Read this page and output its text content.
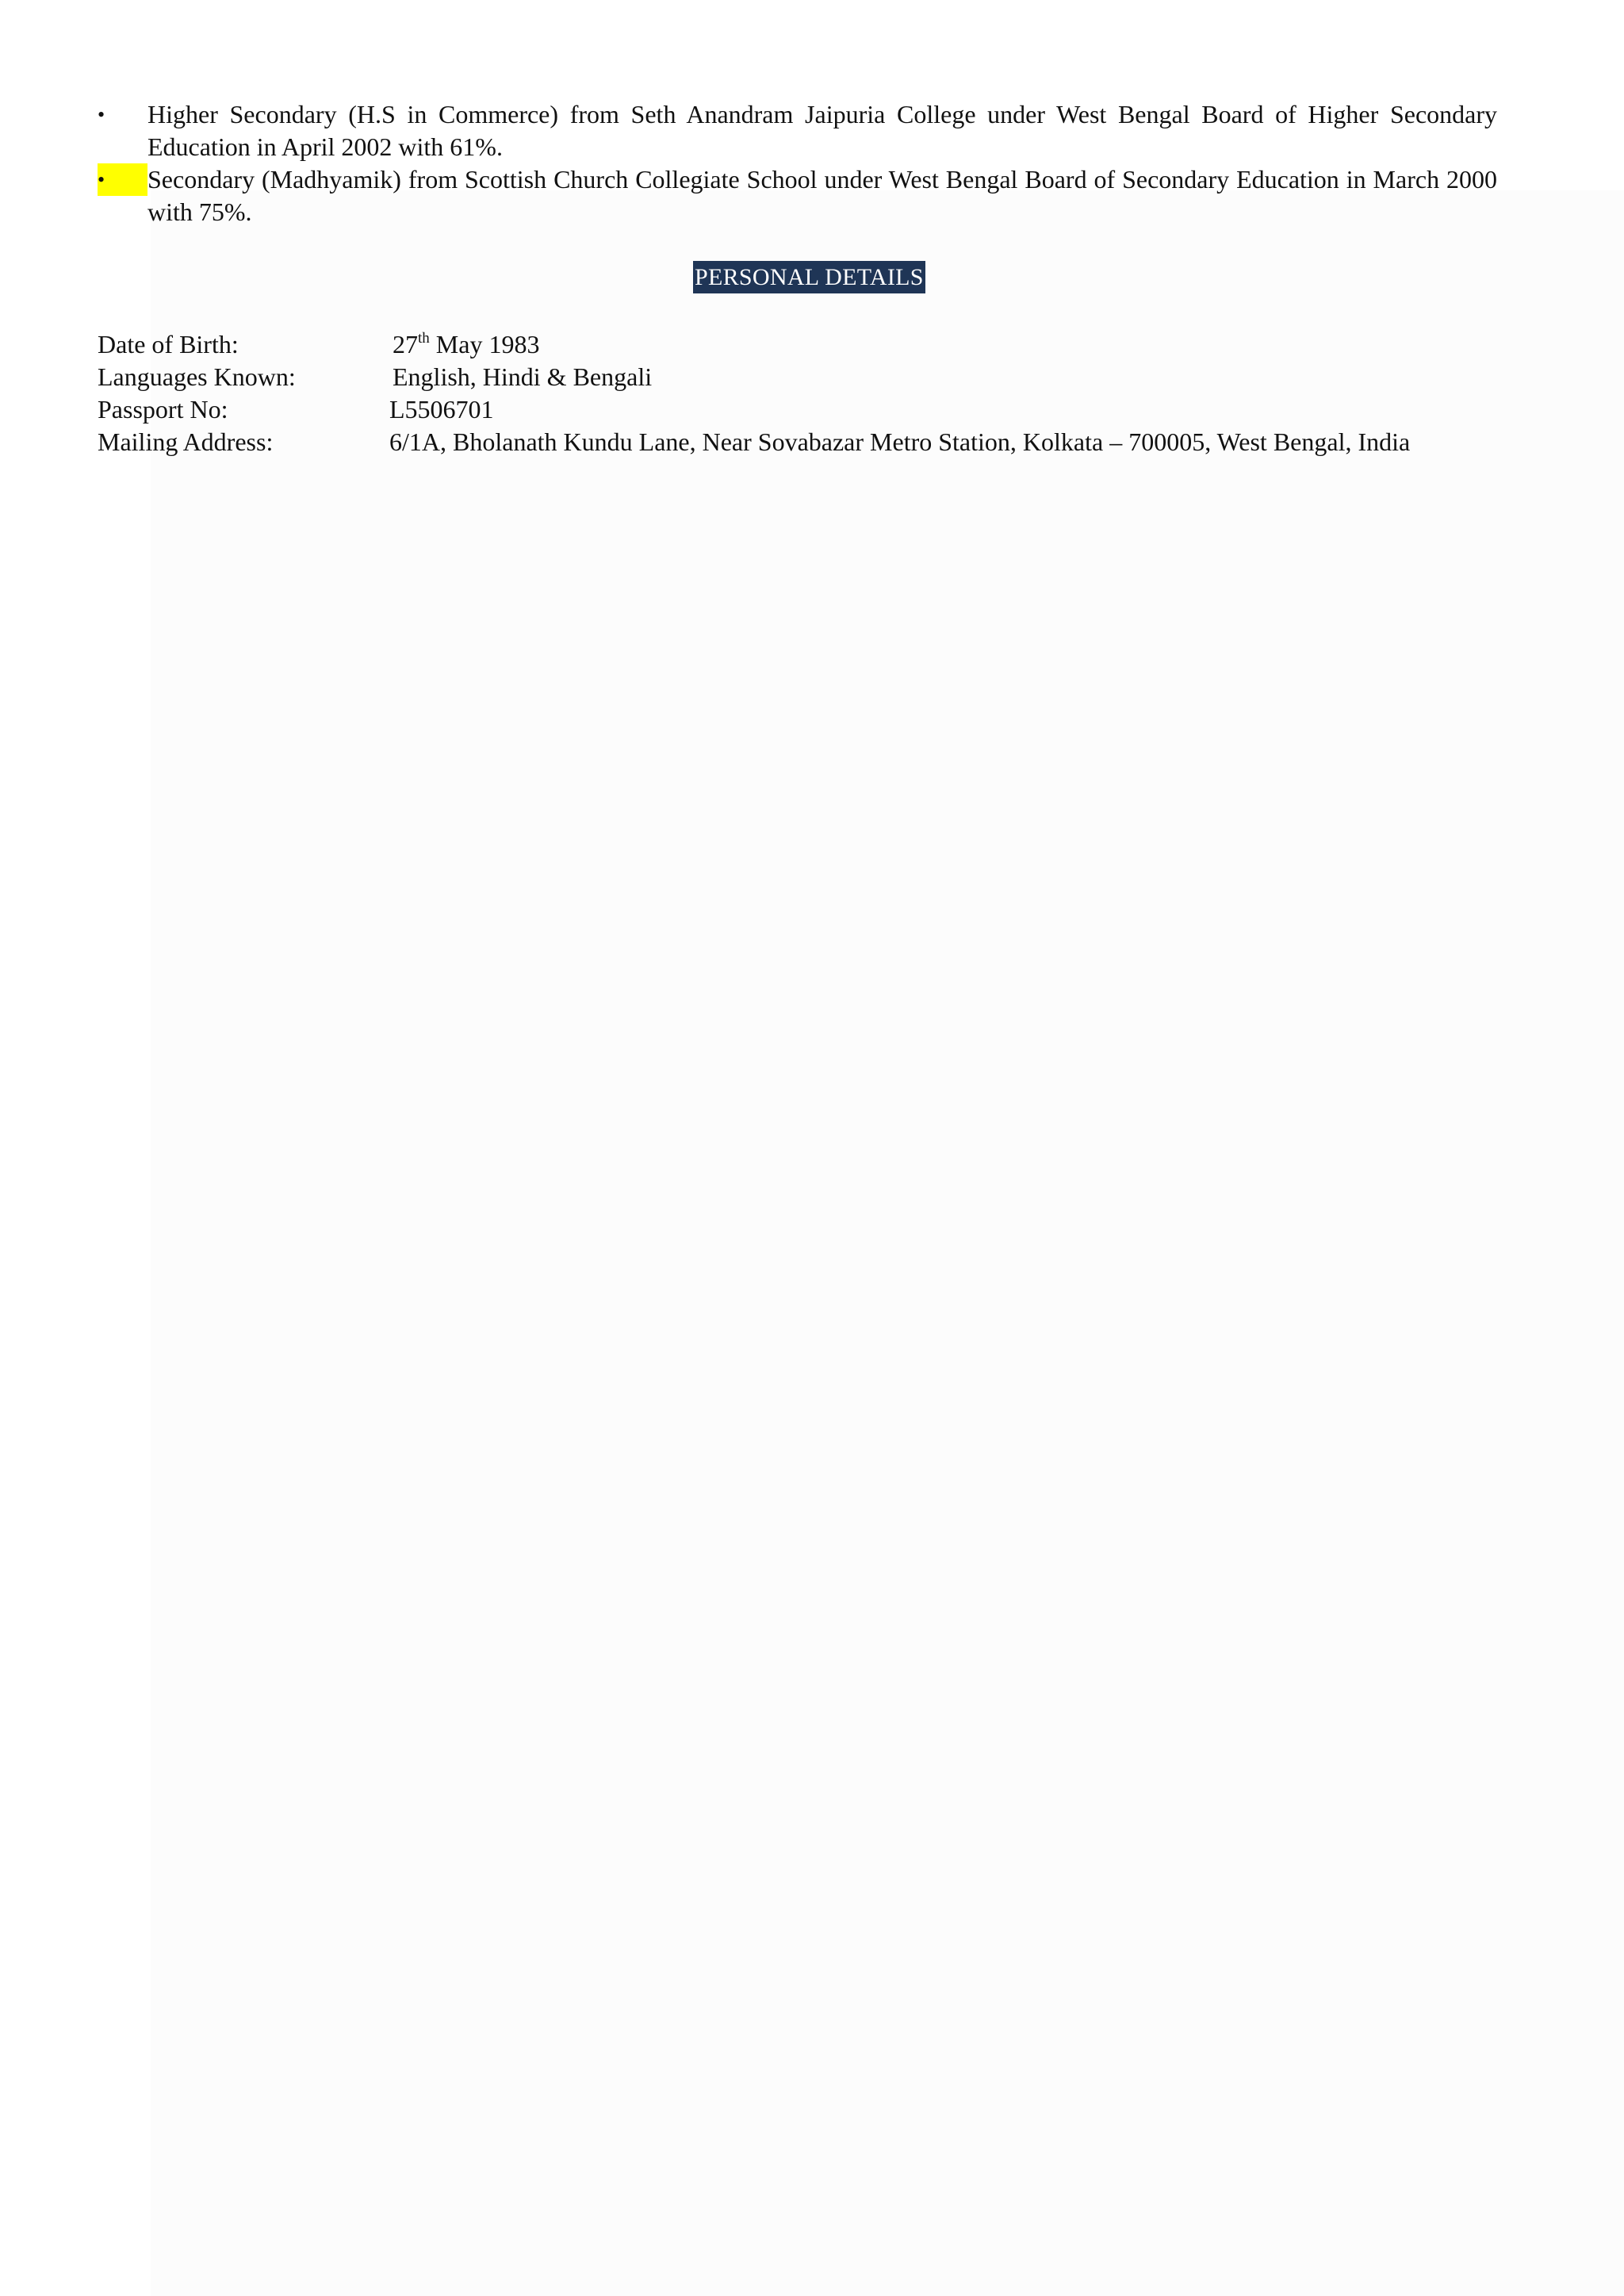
•	Higher Secondary (H.S in Commerce) from Seth Anandram Jaipuria College under West Bengal Board of Higher Secondary Education in April 2002 with 61%.
•	Secondary (Madhyamik) from Scottish Church Collegiate School under West Bengal Board of Secondary Education in March 2000 with 75%.
PERSONAL DETAILS
Date of Birth:	27th May 1983
Languages Known:	English, Hindi & Bengali
Passport No:	L5506701
Mailing Address:	6/1A, Bholanath Kundu Lane, Near Sovabazar Metro Station, Kolkata – 700005, West Bengal, India
